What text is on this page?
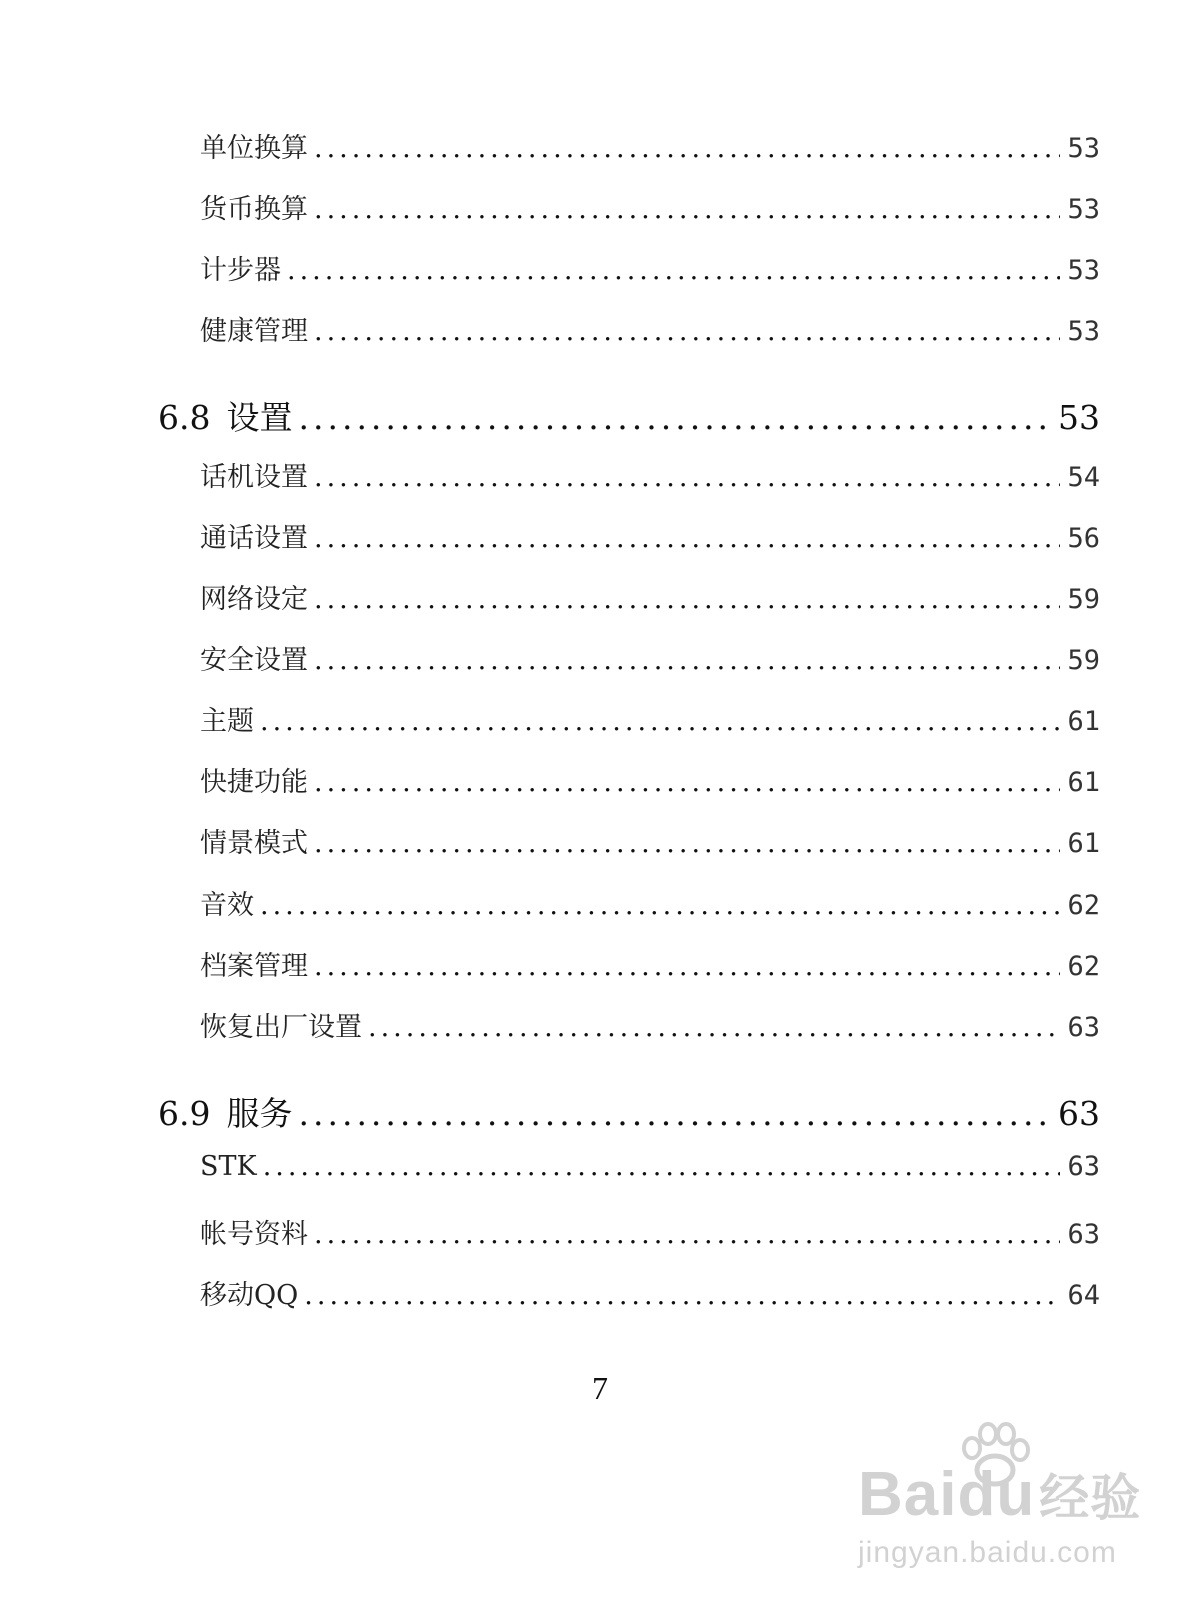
单位换算 .....	53
货币换算 .....	53
计步器 .....	53
健康管理 .....	53
6.8 设置 .....	53
话机设置 .....	54
通话设置 .....	56
网络设定 .....	59
安全设置 .....	59
主题 .....	61
快捷功能 .....	61
情景模式 .....	61
音效 .....	62
档案管理 .....	62
恢复出厂设置 .....	63
6.9 服务 .....	63
STK .....	63
帐号资料 .....	63
移动QQ .....	64
7
Baidu经验
jingyan.baidu.com
